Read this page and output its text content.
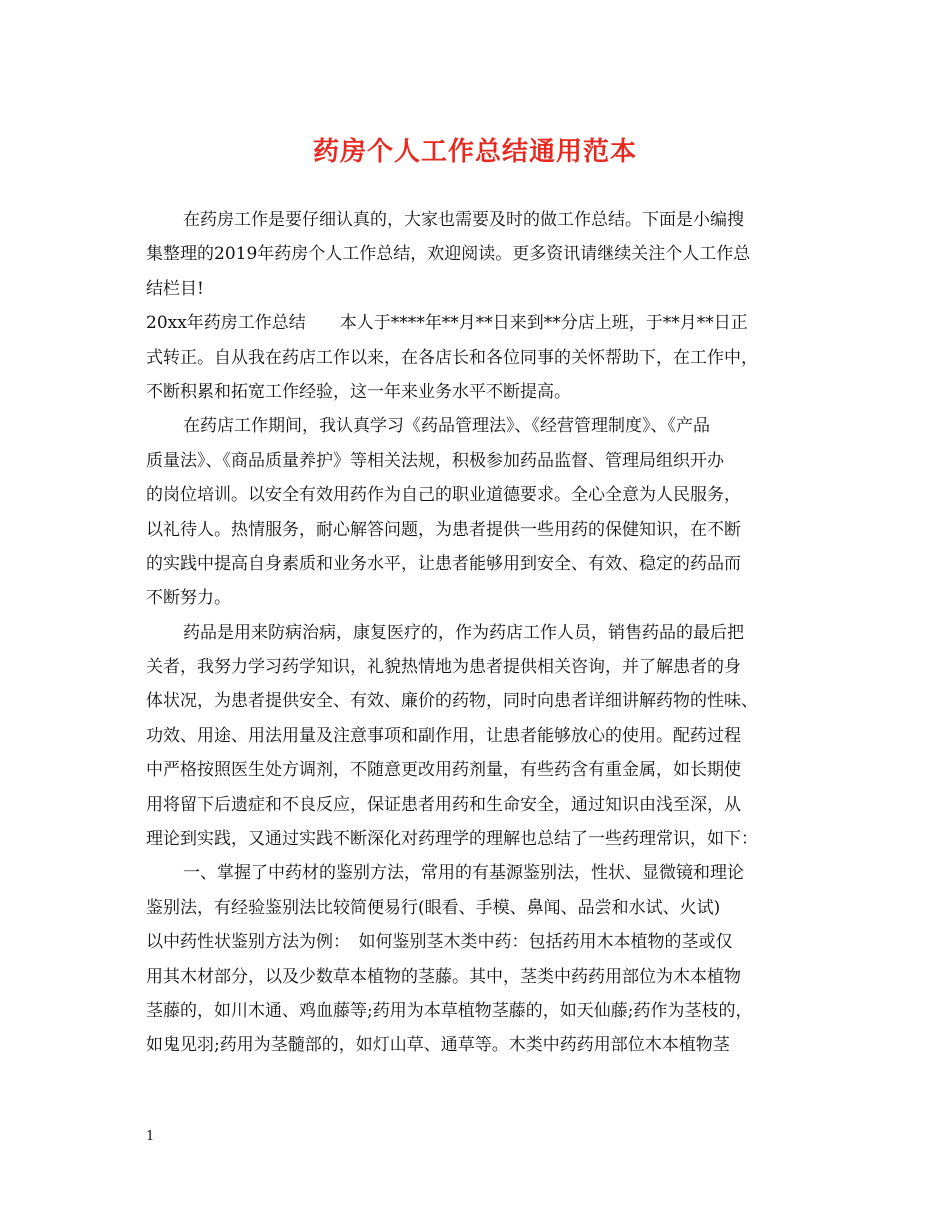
药房个人工作总结通用范本
在药房工作是要仔细认真的，大家也需要及时的做工作总结。下面是小编搜
集整理的2019年药房个人工作总结，欢迎阅读。更多资讯请继续关注个人工作总
结栏目!
20xx年药房工作总结　　本人于****年**月**日来到**分店上班，于**月**日正
式转正。自从我在药店工作以来，在各店长和各位同事的关怀帮助下，在工作中，
不断积累和拓宽工作经验，这一年来业务水平不断提高。
在药店工作期间，我认真学习《药品管理法》、《经营管理制度》、《产品
质量法》、《商品质量养护》等相关法规，积极参加药品监督、管理局组织开办
的岗位培训。以安全有效用药作为自己的职业道德要求。全心全意为人民服务，
以礼待人。热情服务，耐心解答问题，为患者提供一些用药的保健知识，在不断
的实践中提高自身素质和业务水平，让患者能够用到安全、有效、稳定的药品而
不断努力。
药品是用来防病治病，康复医疗的，作为药店工作人员，销售药品的最后把
关者，我努力学习药学知识，礼貌热情地为患者提供相关咨询，并了解患者的身
体状况，为患者提供安全、有效、廉价的药物，同时向患者详细讲解药物的性味、
功效、用途、用法用量及注意事项和副作用，让患者能够放心的使用。配药过程
中严格按照医生处方调剂，不随意更改用药剂量，有些药含有重金属，如长期使
用将留下后遗症和不良反应，保证患者用药和生命安全，通过知识由浅至深，从
理论到实践，又通过实践不断深化对药理学的理解也总结了一些药理常识，如下：
一、掌握了中药材的鉴别方法，常用的有基源鉴别法，性状、显微镜和理论
鉴别法，有经验鉴别法比较简便易行(眼看、手模、鼻闻、品尝和水试、火试)
以中药性状鉴别方法为例：　如何鉴别茎木类中药：包括药用木本植物的茎或仅
用其木材部分，以及少数草本植物的茎藤。其中，茎类中药药用部位为木本植物
茎藤的，如川木通、鸡血藤等;药用为本草植物茎藤的，如天仙藤;药作为茎枝的，
如鬼见羽;药用为茎髓部的，如灯山草、通草等。木类中药药用部位木本植物茎
1
